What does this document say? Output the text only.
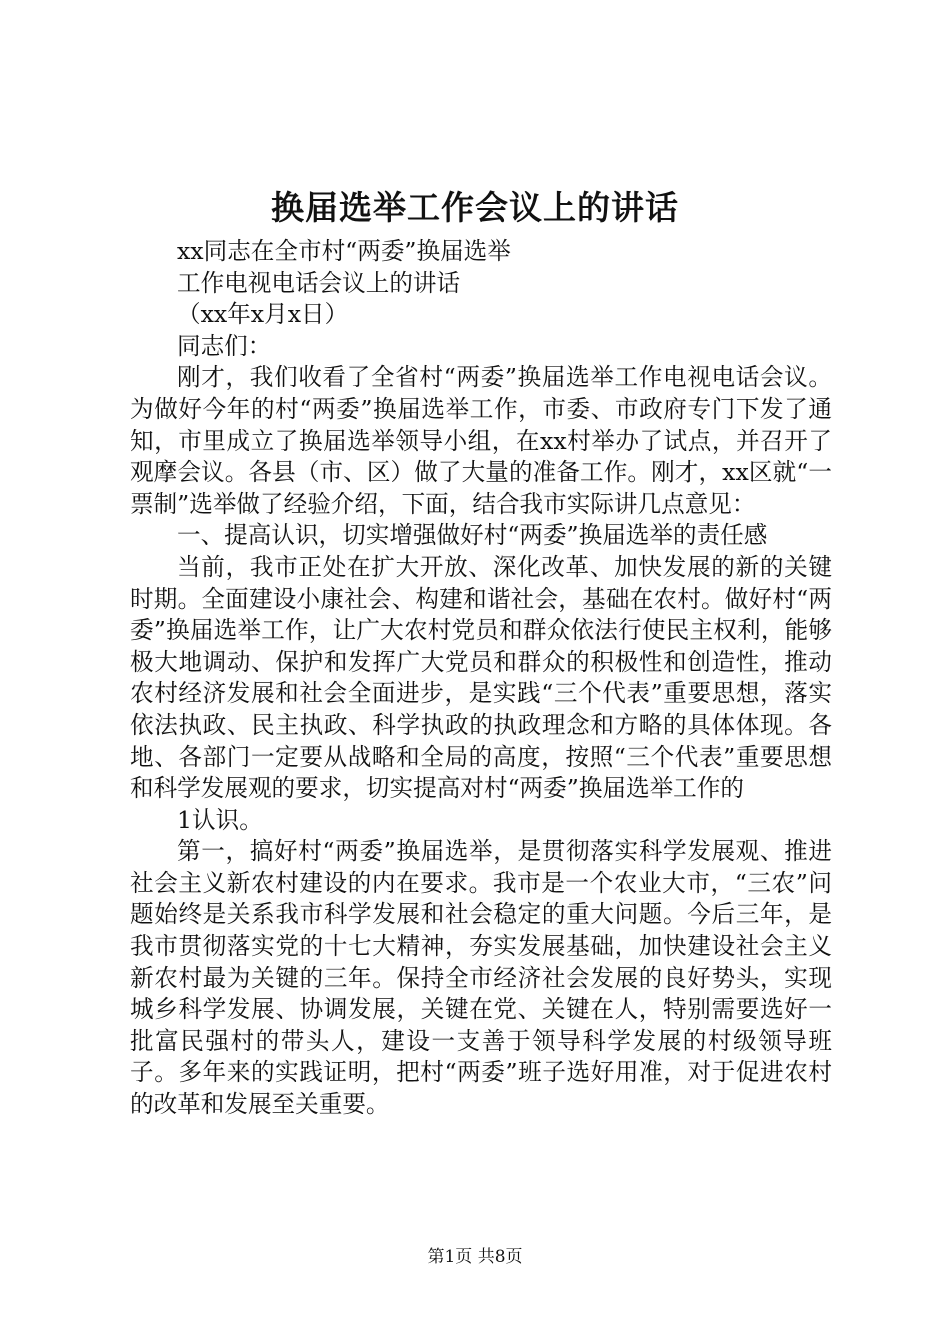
换届选举工作会议上的讲话
xx同志在全市村“两委”换届选举
工作电视电话会议上的讲话
（xx年x月x日）
同志们：

刚才，我们收看了全省村“两委”换届选举工作电视电话会议。为做好今年的村“两委”换届选举工作，市委、市政府专门下发了通知，市里成立了换届选举领导小组，在xx村举办了试点，并召开了观摩会议。各县（市、区）做了大量的准备工作。刚才，xx区就“一票制”选举做了经验介绍，下面，结合我市实际讲几点意见：

一、提高认识，切实增强做好村“两委”换届选举的责任感

当前，我市正处在扩大开放、深化改革、加快发展的新的关键时期。全面建设小康社会、构建和谐社会，基础在农村。做好村“两委”换届选举工作，让广大农村党员和群众依法行使民主权利，能够极大地调动、保护和发挥广大党员和群众的积极性和创造性，推动农村经济发展和社会全面进步，是实践“三个代表”重要思想，落实依法执政、民主执政、科学执政的执政理念和方略的具体体现。各地、各部门一定要从战略和全局的高度，按照“三个代表”重要思想和科学发展观的要求，切实提高对村“两委”换届选举工作的

1认识。

第一，搞好村“两委”换届选举，是贯彻落实科学发展观、推进社会主义新农村建设的内在要求。我市是一个农业大市，“三农”问题始终是关系我市科学发展和社会稳定的重大问题。今后三年，是我市贯彻落实党的十七大精神，夯实发展基础，加快建设社会主义新农村最为关键的三年。保持全市经济社会发展的良好势头，实现城乡科学发展、协调发展，关键在党、关键在人，特别需要选好一批富民强村的带头人，建设一支善于领导科学发展的村级领导班子。多年来的实践证明，把村“两委”班子选好用准，对于促进农村的改革和发展至关重要。

第1页 共8页
